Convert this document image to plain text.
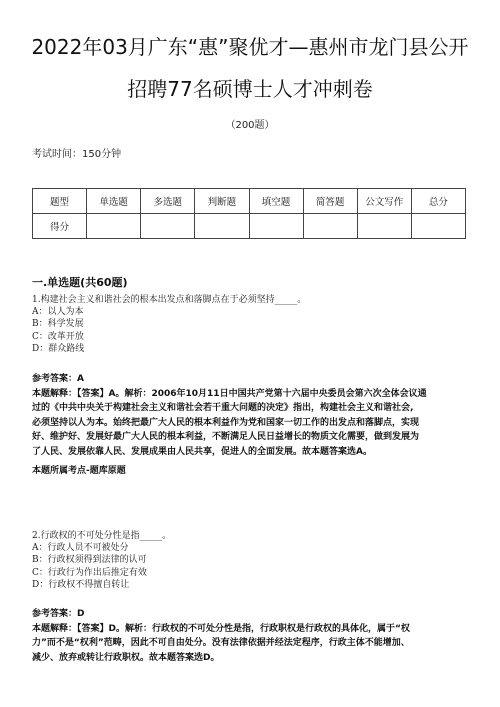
2022年03月广东“惠”聚优才—惠州市龙门县公开
招聘77名硕博士人才冲刺卷
（200题）
考试时间：150分钟
题型	单选题	多选题	判断题	填空题	简答题	公文写作	总分
得分							
一.单选题(共60题)
1.构建社会主义和谐社会的根本出发点和落脚点在于必须坚持_____。
A：以人为本
B：科学发展
C：改革开放
D：群众路线
参考答案：A
本题解释：【答案】A。解析：2006年10月11日中国共产党第十六届中央委员会第六次全体会议通
过的《中共中央关于构建社会主义和谐社会若干重大问题的决定》指出，构建社会主义和谐社会,
必须坚持以人为本。始终把最广大人民的根本利益作为党和国家一切工作的出发点和落脚点，实现
好、维护好、发展好最广大人民的根本利益，不断满足人民日益增长的物质文化需要，做到发展为
了人民、发展依靠人民、发展成果由人民共享，促进人的全面发展。故本题答案选A。
本题所属考点-题库原题
2.行政权的不可处分性是指_____。
A：行政人员不可被处分
B：行政权须得到法律的认可
C：行政行为作出后推定有效
D：行政权不得擅自转让
参考答案：D
本题解释：【答案】D。解析：行政权的不可处分性是指，行政职权是行政权的具体化，属于“权
力”而不是“权利”范畴，因此不可自由处分。没有法律依据并经法定程序，行政主体不能增加、
减少、放弃或转让行政职权。故本题答案选D。
